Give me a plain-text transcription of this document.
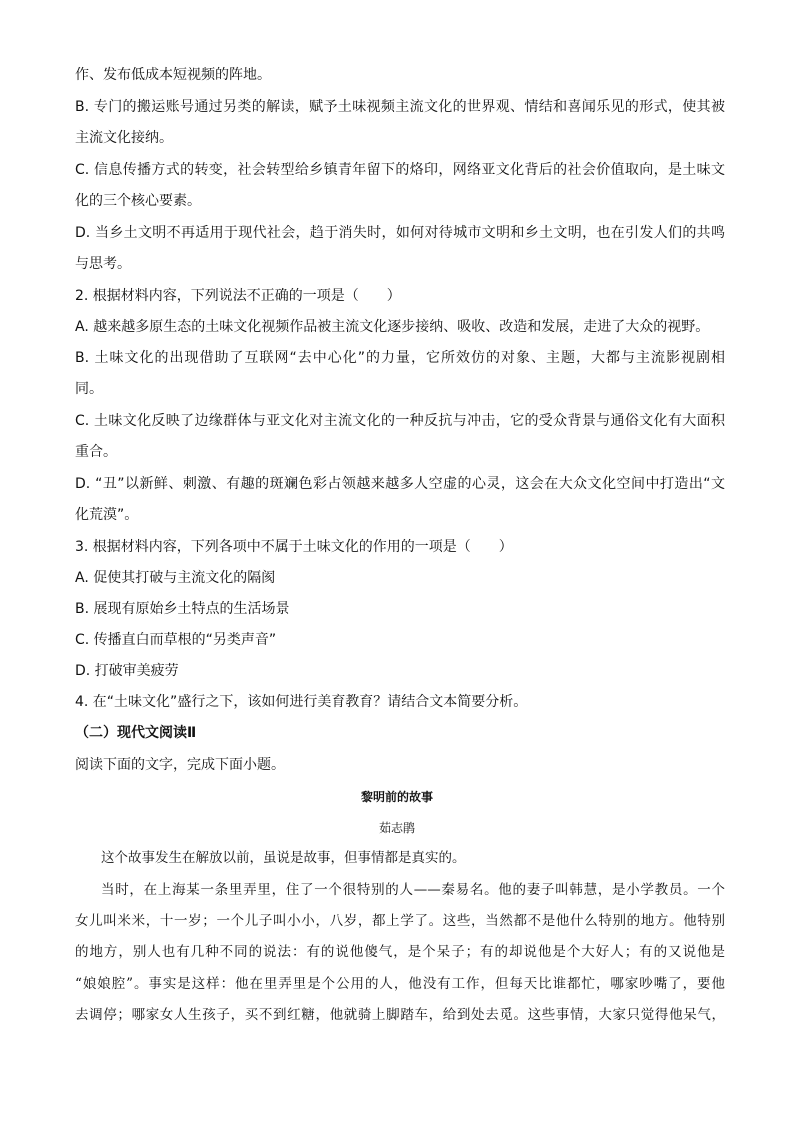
作、发布低成本短视频的阵地。
B. 专门的搬运账号通过另类的解读，赋予土味视频主流文化的世界观、情结和喜闻乐见的形式，使其被
主流文化接纳。
C. 信息传播方式的转变，社会转型给乡镇青年留下的烙印，网络亚文化背后的社会价值取向，是土味文
化的三个核心要素。
D. 当乡土文明不再适用于现代社会，趋于消失时，如何对待城市文明和乡土文明，也在引发人们的共鸣
与思考。
2. 根据材料内容，下列说法不正确的一项是（　　）
A. 越来越多原生态的土味文化视频作品被主流文化逐步接纳、吸收、改造和发展，走进了大众的视野。
B. 土味文化的出现借助了互联网“去中心化”的力量，它所效仿的对象、主题，大都与主流影视剧相
同。
C. 土味文化反映了边缘群体与亚文化对主流文化的一种反抗与冲击，它的受众背景与通俗文化有大面积
重合。
D. “丑”以新鲜、刺激、有趣的斑斓色彩占领越来越多人空虚的心灵，这会在大众文化空间中打造出“文
化荒漠”。
3. 根据材料内容，下列各项中不属于土味文化的作用的一项是（　　）
A. 促使其打破与主流文化的隔阂
B. 展现有原始乡土特点的生活场景
C. 传播直白而草根的“另类声音”
D. 打破审美疲劳
4. 在“土味文化”盛行之下，该如何进行美育教育？请结合文本简要分析。
（二）现代文阅读Ⅱ
阅读下面的文字，完成下面小题。
黎明前的故事
茹志鹃
这个故事发生在解放以前，虽说是故事，但事情都是真实的。
当时，在上海某一条里弄里，住了一个很特别的人——秦易名。他的妻子叫韩慧，是小学教员。一个
女儿叫米米，十一岁；一个儿子叫小小，八岁，都上学了。这些，当然都不是他什么特别的地方。他特别
的地方，别人也有几种不同的说法：有的说他傻气，是个呆子；有的却说他是个大好人；有的又说他是
“娘娘腔”。事实是这样：他在里弄里是个公用的人，他没有工作，但每天比谁都忙，哪家吵嘴了，要他
去调停；哪家女人生孩子，买不到红糖，他就骑上脚踏车，给到处去觅。这些事情，大家只觉得他呆气，
